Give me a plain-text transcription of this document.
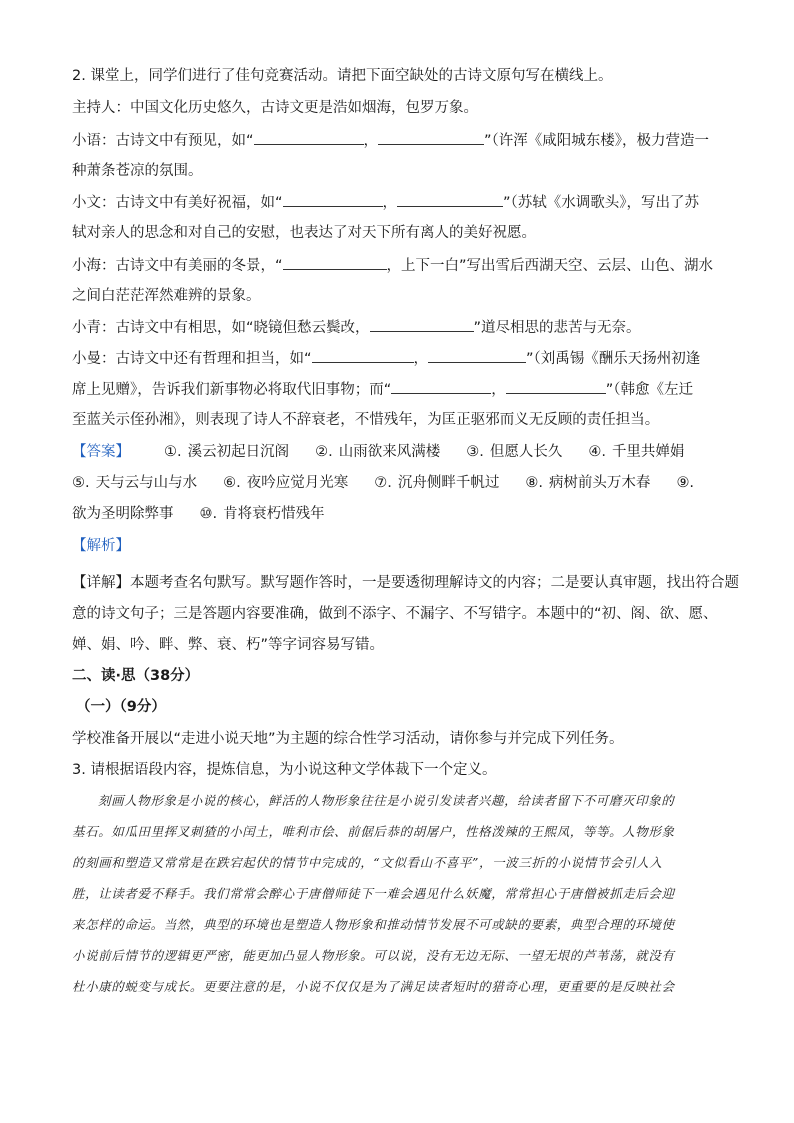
2. 课堂上，同学们进行了佳句竞赛活动。请把下面空缺处的古诗文原句写在横线上。
主持人：中国文化历史悠久，古诗文更是浩如烟海，包罗万象。
小语：古诗文中有预见，如“	，	”（许浑《咸阳城东楼》，极力营造一
种萧条苍凉的氛围。
小文：古诗文中有美好祝福，如“	，	”（苏轼《水调歌头》，写出了苏
轼对亲人的思念和对自己的安慰，也表达了对天下所有离人的美好祝愿。
小海：古诗文中有美丽的冬景，“	，上下一白”写出雪后西湖天空、云层、山色、湖水
之间白茫茫浑然难辨的景象。
小青：古诗文中有相思，如“晓镜但愁云鬓改，	”道尽相思的悲苦与无奈。
小曼：古诗文中还有哲理和担当，如“	，	”（刘禹锡《酬乐天扬州初逢
席上见赠》，告诉我们新事物必将取代旧事物；而“	，	”（韩愈《左迁
至蓝关示侄孙湘》，则表现了诗人不辞衰老，不惜残年，为匡正驱邪而义无反顾的责任担当。
【答案】 ①. 溪云初起日沉阁 ②. 山雨欲来风满楼 ③. 但愿人长久 ④. 千里共婵娟
⑤. 天与云与山与水 ⑥. 夜吟应觉月光寒 ⑦. 沉舟侧畔千帆过 ⑧. 病树前头万木春 ⑨.
欲为圣明除弊事 ⑩. 肯将衰朽惜残年
【解析】
【详解】本题考查名句默写。默写题作答时，一是要透彻理解诗文的内容；二是要认真审题，找出符合题
意的诗文句子；三是答题内容要准确，做到不添字、不漏字、不写错字。本题中的“初、阁、欲、愿、
婵、娟、吟、畔、弊、衰、朽”等字词容易写错。
二、读·思（38分）
（一）（9分）
学校准备开展以“走进小说天地”为主题的综合性学习活动，请你参与并完成下列任务。
3. 请根据语段内容，提炼信息，为小说这种文学体裁下一个定义。
刻画人物形象是小说的核心，鲜活的人物形象往往是小说引发读者兴趣，给读者留下不可磨灭印象的
基石。如瓜田里挥叉刺猹的小闰土，唯利市侩、前倨后恭的胡屠户，性格泼辣的王熙凤，等等。人物形象
的刻画和塑造又常常是在跌宕起伏的情节中完成的，“文似看山不喜平”，一波三折的小说情节会引人入
胜，让读者爱不释手。我们常常会醉心于唐僧师徒下一难会遇见什么妖魔，常常担心于唐僧被抓走后会迎
来怎样的命运。当然，典型的环境也是塑造人物形象和推动情节发展不可或缺的要素，典型合理的环境使
小说前后情节的逻辑更严密，能更加凸显人物形象。可以说，没有无边无际、一望无垠的芦苇荡，就没有
杜小康的蜕变与成长。更要注意的是，小说不仅仅是为了满足读者短时的猎奇心理，更重要的是反映社会
